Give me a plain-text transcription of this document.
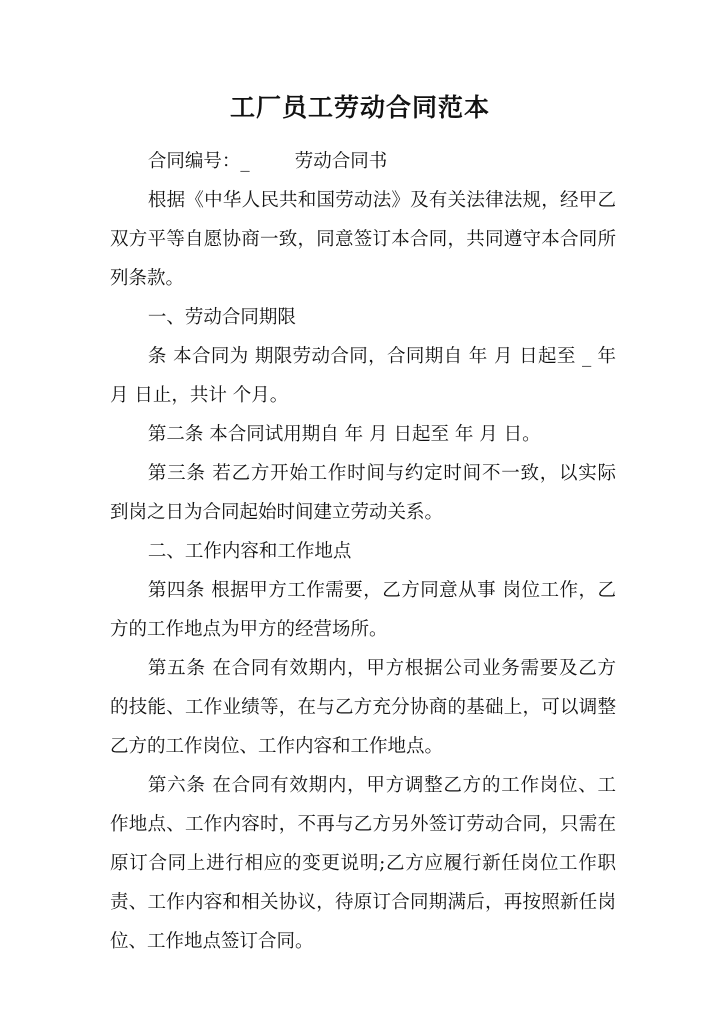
工厂员工劳动合同范本

合同编号：_ 劳动合同书

根据《中华人民共和国劳动法》及有关法律法规，经甲乙双方平等自愿协商一致，同意签订本合同，共同遵守本合同所列条款。

一、劳动合同期限

条 本合同为 期限劳动合同，合同期自 年 月 日起至 _ 年 月 日止，共计 个月。

第二条 本合同试用期自 年 月 日起至 年 月 日。

第三条 若乙方开始工作时间与约定时间不一致，以实际到岗之日为合同起始时间建立劳动关系。

二、工作内容和工作地点

第四条 根据甲方工作需要，乙方同意从事 岗位工作，乙方的工作地点为甲方的经营场所。

第五条 在合同有效期内，甲方根据公司业务需要及乙方的技能、工作业绩等，在与乙方充分协商的基础上，可以调整乙方的工作岗位、工作内容和工作地点。

第六条 在合同有效期内，甲方调整乙方的工作岗位、工作地点、工作内容时，不再与乙方另外签订劳动合同，只需在原订合同上进行相应的变更说明;乙方应履行新任岗位工作职责、工作内容和相关协议，待原订合同期满后，再按照新任岗位、工作地点签订合同。
